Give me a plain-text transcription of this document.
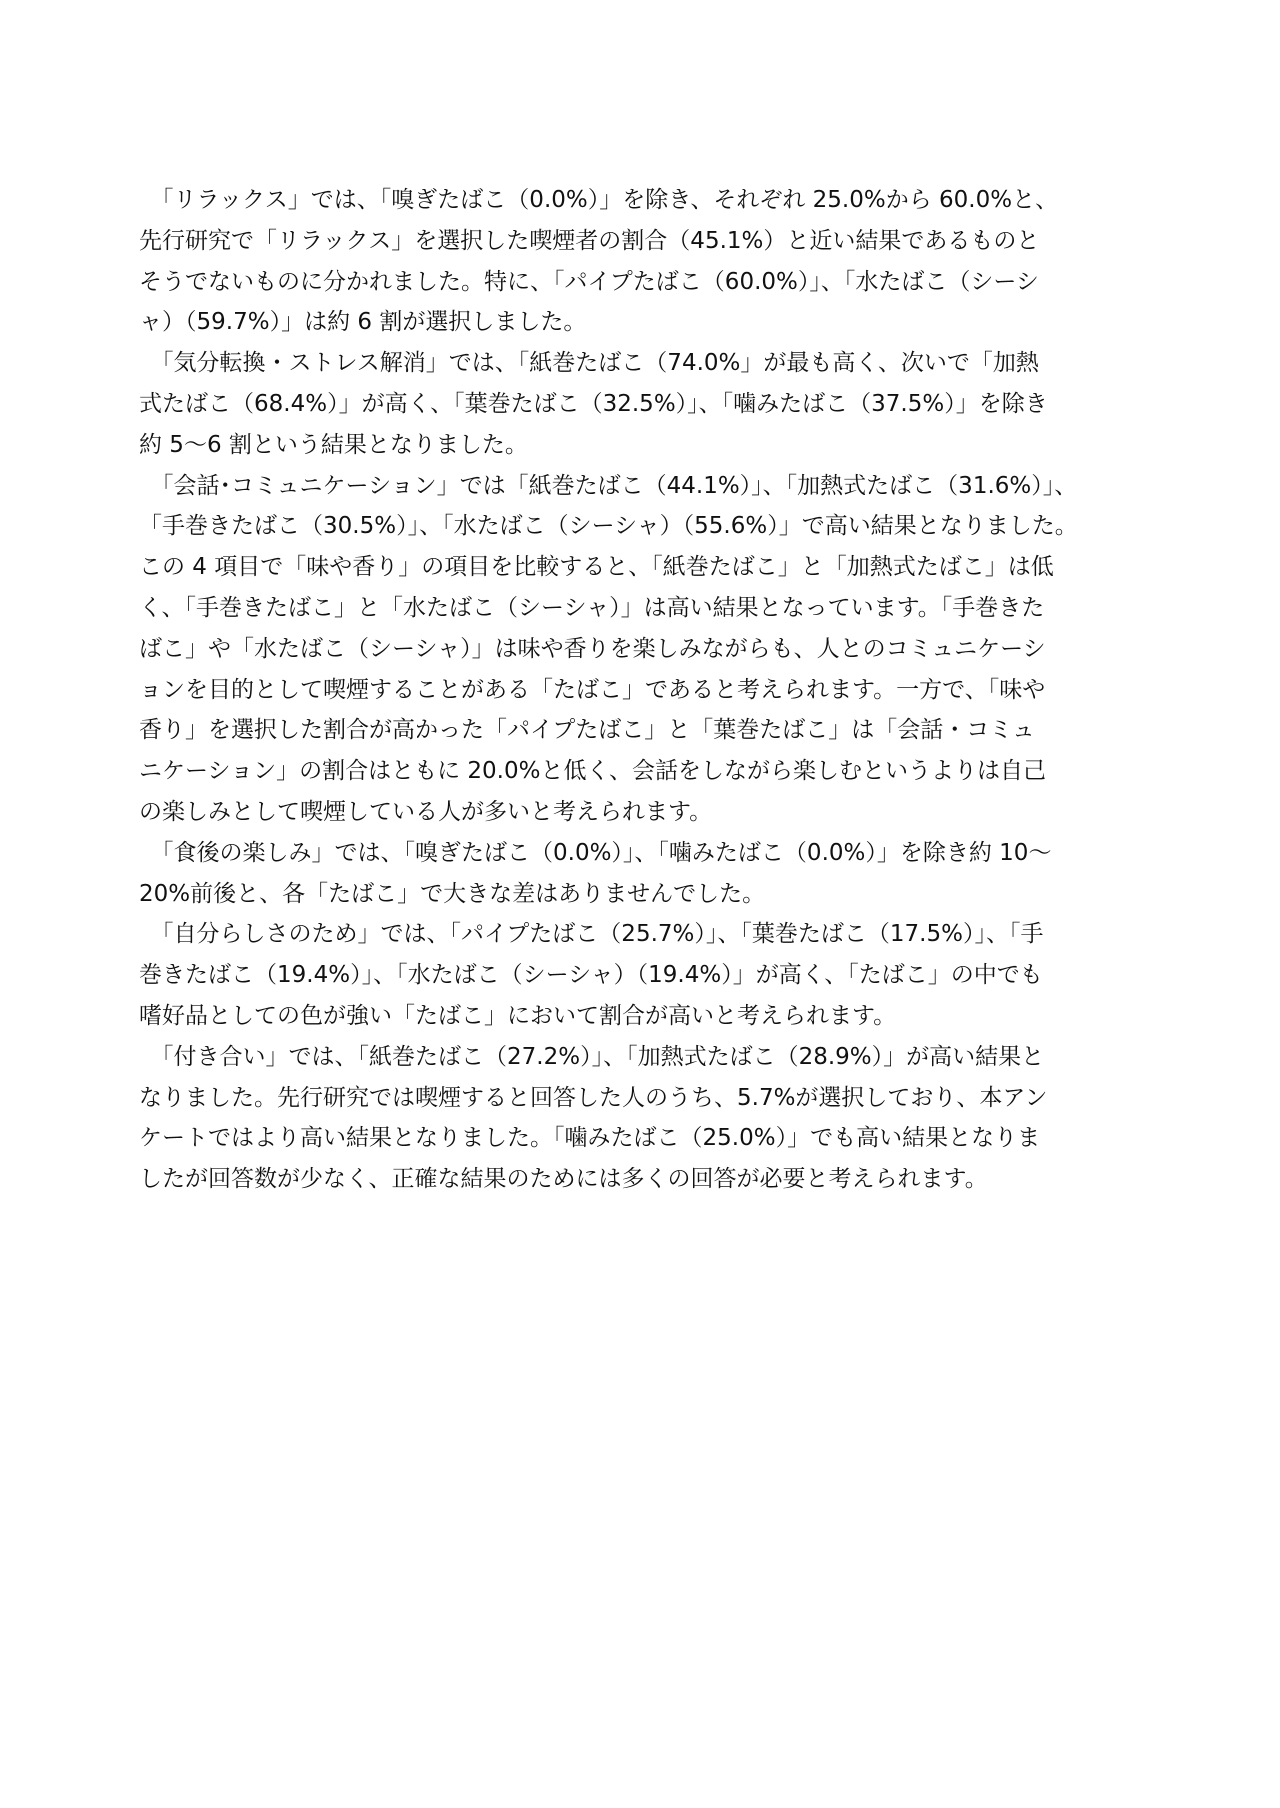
　「リラックス」では、「嗅ぎたばこ（0.0%）」を除き、それぞれ 25.0%から 60.0%と、
先行研究で「リラックス」を選択した喫煙者の割合（45.1%）と近い結果であるものと
そうでないものに分かれました。特に、「パイプたばこ（60.0%）」、「水たばこ（シーシ
ャ）（59.7%）」は約 6 割が選択しました。
　「気分転換・ストレス解消」では、「紙巻たばこ（74.0%」が最も高く、次いで「加熱
式たばこ（68.4%）」が高く、「葉巻たばこ（32.5%）」、「噛みたばこ（37.5%）」を除き
約 5〜6 割という結果となりました。
　「会話･コミュニケーション」では「紙巻たばこ（44.1%）」、「加熱式たばこ（31.6%）」、
「手巻きたばこ（30.5%）」、「水たばこ（シーシャ）（55.6%）」で高い結果となりました。
この 4 項目で「味や香り」の項目を比較すると、「紙巻たばこ」と「加熱式たばこ」は低
く、「手巻きたばこ」と「水たばこ（シーシャ）」は高い結果となっています。「手巻きた
ばこ」や「水たばこ（シーシャ）」は味や香りを楽しみながらも、人とのコミュニケーシ
ョンを目的として喫煙することがある「たばこ」であると考えられます。一方で、「味や
香り」を選択した割合が高かった「パイプたばこ」と「葉巻たばこ」は「会話・コミュ
ニケーション」の割合はともに 20.0%と低く、会話をしながら楽しむというよりは自己
の楽しみとして喫煙している人が多いと考えられます。
　「食後の楽しみ」では、「嗅ぎたばこ（0.0%）」、「噛みたばこ（0.0%）」を除き約 10〜
20%前後と、各「たばこ」で大きな差はありませんでした。
　「自分らしさのため」では、「パイプたばこ（25.7%）」、「葉巻たばこ（17.5%）」、「手
巻きたばこ（19.4%）」、「水たばこ（シーシャ）（19.4%）」が高く、「たばこ」の中でも
嗜好品としての色が強い「たばこ」において割合が高いと考えられます。
　「付き合い」では、「紙巻たばこ（27.2%）」、「加熱式たばこ（28.9%）」が高い結果と
なりました。先行研究では喫煙すると回答した人のうち、5.7%が選択しており、本アン
ケートではより高い結果となりました。「噛みたばこ（25.0%）」でも高い結果となりま
したが回答数が少なく、正確な結果のためには多くの回答が必要と考えられます。
